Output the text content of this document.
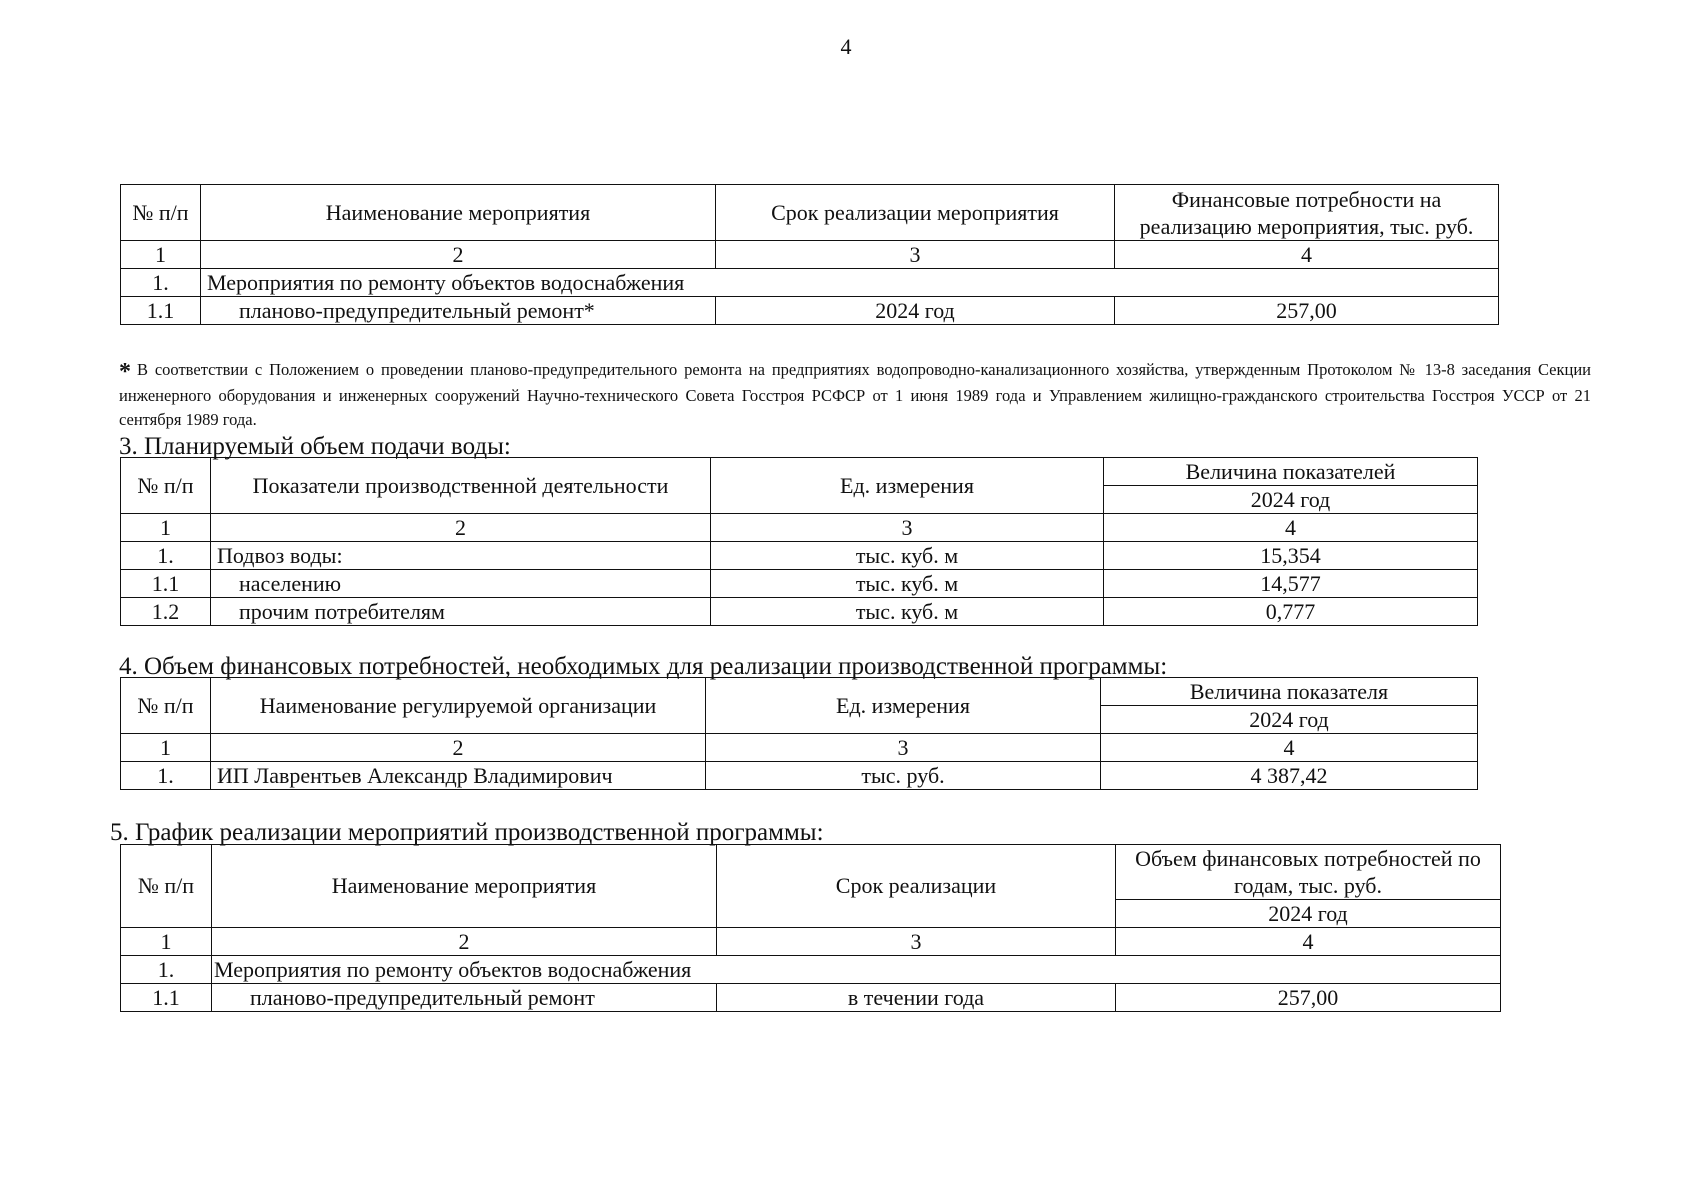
4
№ п/п	Наименование мероприятия	Срок реализации мероприятия	Финансовые потребности на реализацию мероприятия, тыс. руб.
1	2	3	4
1.	Мероприятия по ремонту объектов водоснабжения		
1.1	планово-предупредительный ремонт*	2024 год	257,00
* В соответствии с Положением о проведении планово-предупредительного ремонта на предприятиях водопроводно-канализационного хозяйства, утвержденным Протоколом № 13-8 заседания Секции инженерного оборудования и инженерных сооружений Научно-технического Совета Госстроя РСФСР от 1 июня 1989 года и Управлением жилищно-гражданского строительства Госстроя УССР от 21 сентября 1989 года.
3. Планируемый объем подачи воды:
№ п/п	Показатели производственной деятельности	Ед. измерения	Величина показателей
			2024 год
1	2	3	4
1.	Подвоз воды:	тыс. куб. м	15,354
1.1	населению	тыс. куб. м	14,577
1.2	прочим потребителям	тыс. куб. м	0,777
4. Объем финансовых потребностей, необходимых для реализации производственной программы:
№ п/п	Наименование регулируемой организации	Ед. измерения	Величина показателя
			2024 год
1	2	3	4
1.	ИП Лаврентьев Александр Владимирович	тыс. руб.	4 387,42
5. График реализации мероприятий производственной программы:
№ п/п	Наименование мероприятия	Срок реализации	Объем финансовых потребностей по годам, тыс. руб.
			2024 год
1	2	3	4
1.	Мероприятия по ремонту объектов водоснабжения		
1.1	планово-предупредительный ремонт	в течении года	257,00
